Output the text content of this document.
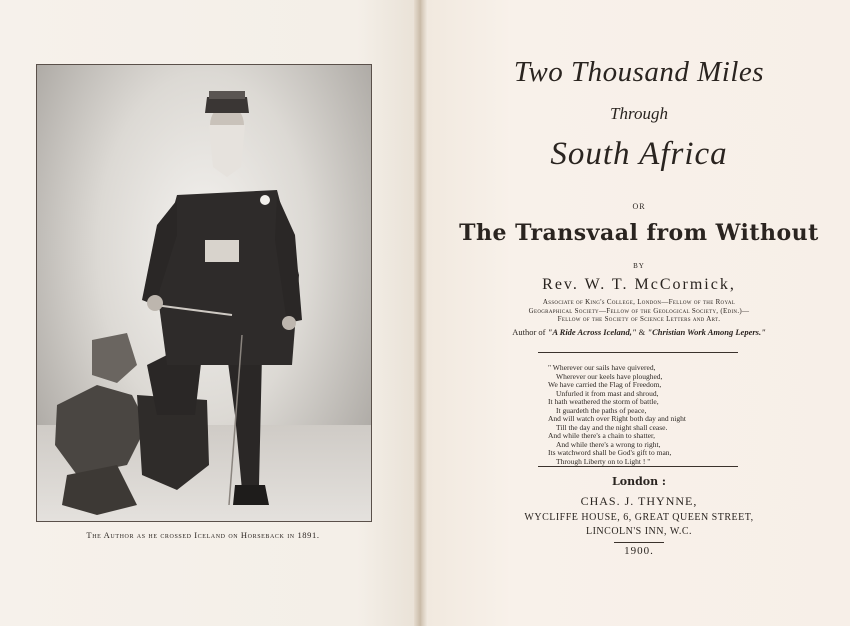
The Author as he crossed Iceland on Horseback in 1891.
Two Thousand Miles
Through
South Africa
OR
The Transvaal from Without
BY
Rev. W. T. McCormick,
Associate of King's College, London—Fellow of the Royal
Geographical Society—Fellow of the Geological Society, (Edin.)—
Fellow of the Society of Science Letters and Art.
Author of "A Ride Across Iceland," & "Christian Work Among Lepers."
" Wherever our sails have quivered,
Wherever our keels have ploughed,
We have carried the Flag of Freedom,
Unfurled it from mast and shroud,
It hath weathered the storm of battle,
It guardeth the paths of peace,
And will watch over Right both day and night
Till the day and the night shall cease.
And while there's a chain to shatter,
And while there's a wrong to right,
Its watchword shall be God's gift to man,
Through Liberty on to Light ! "
London :
CHAS. J. THYNNE,
WYCLIFFE HOUSE, 6, GREAT QUEEN STREET,
LINCOLN'S INN, W.C.
1900.
